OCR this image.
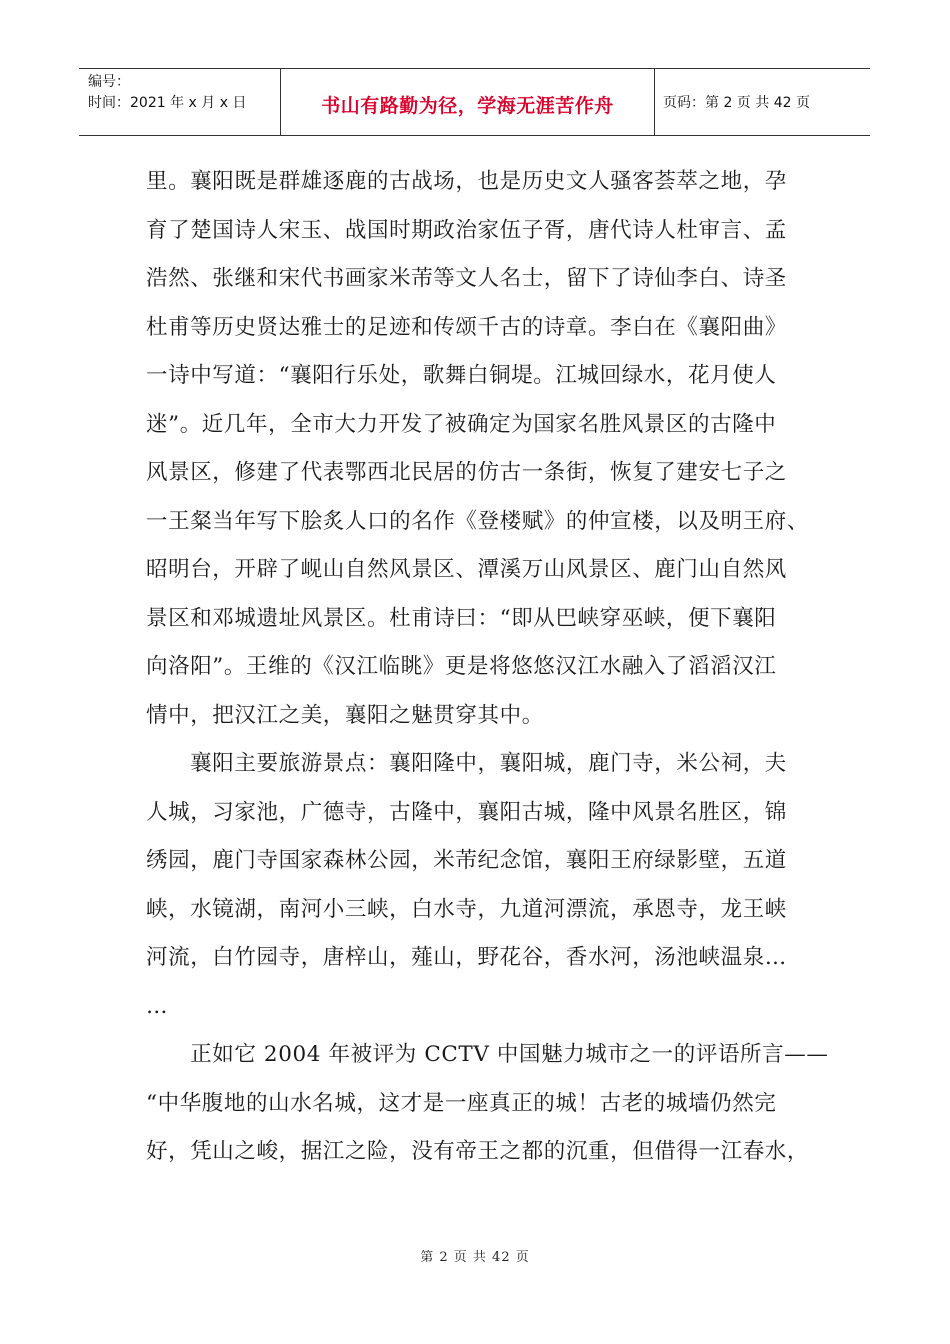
编号：
时间：2021 年 x 月 x 日	书山有路勤为径，学海无涯苦作舟	页码：第 2 页 共 42 页
里。襄阳既是群雄逐鹿的古战场，也是历史文人骚客荟萃之地，孕
育了楚国诗人宋玉、战国时期政治家伍子胥，唐代诗人杜审言、孟
浩然、张继和宋代书画家米芾等文人名士，留下了诗仙李白、诗圣
杜甫等历史贤达雅士的足迹和传颂千古的诗章。李白在《襄阳曲》
一诗中写道：“襄阳行乐处，歌舞白铜堤。江城回绿水，花月使人
迷”。近几年，全市大力开发了被确定为国家名胜风景区的古隆中
风景区，修建了代表鄂西北民居的仿古一条街，恢复了建安七子之
一王粲当年写下脍炙人口的名作《登楼赋》的仲宣楼，以及明王府、
昭明台，开辟了岘山自然风景区、潭溪万山风景区、鹿门山自然风
景区和邓城遗址风景区。杜甫诗曰：“即从巴峡穿巫峡，便下襄阳
向洛阳”。王维的《汉江临眺》更是将悠悠汉江水融入了滔滔汉江
情中，把汉江之美，襄阳之魅贯穿其中。
　　襄阳主要旅游景点：襄阳隆中，襄阳城，鹿门寺，米公祠，夫
人城，习家池，广德寺，古隆中，襄阳古城，隆中风景名胜区，锦
绣园，鹿门寺国家森林公园，米芾纪念馆，襄阳王府绿影壁，五道
峡，水镜湖，南河小三峡，白水寺，九道河漂流，承恩寺，龙王峡
河流，白竹园寺，唐梓山，薤山，野花谷，香水河，汤池峡温泉…
…
　　正如它 2004 年被评为 CCTV 中国魅力城市之一的评语所言——
“中华腹地的山水名城，这才是一座真正的城！古老的城墙仍然完
好，凭山之峻，据江之险，没有帝王之都的沉重，但借得一江春水，
第 2 页 共 42 页
